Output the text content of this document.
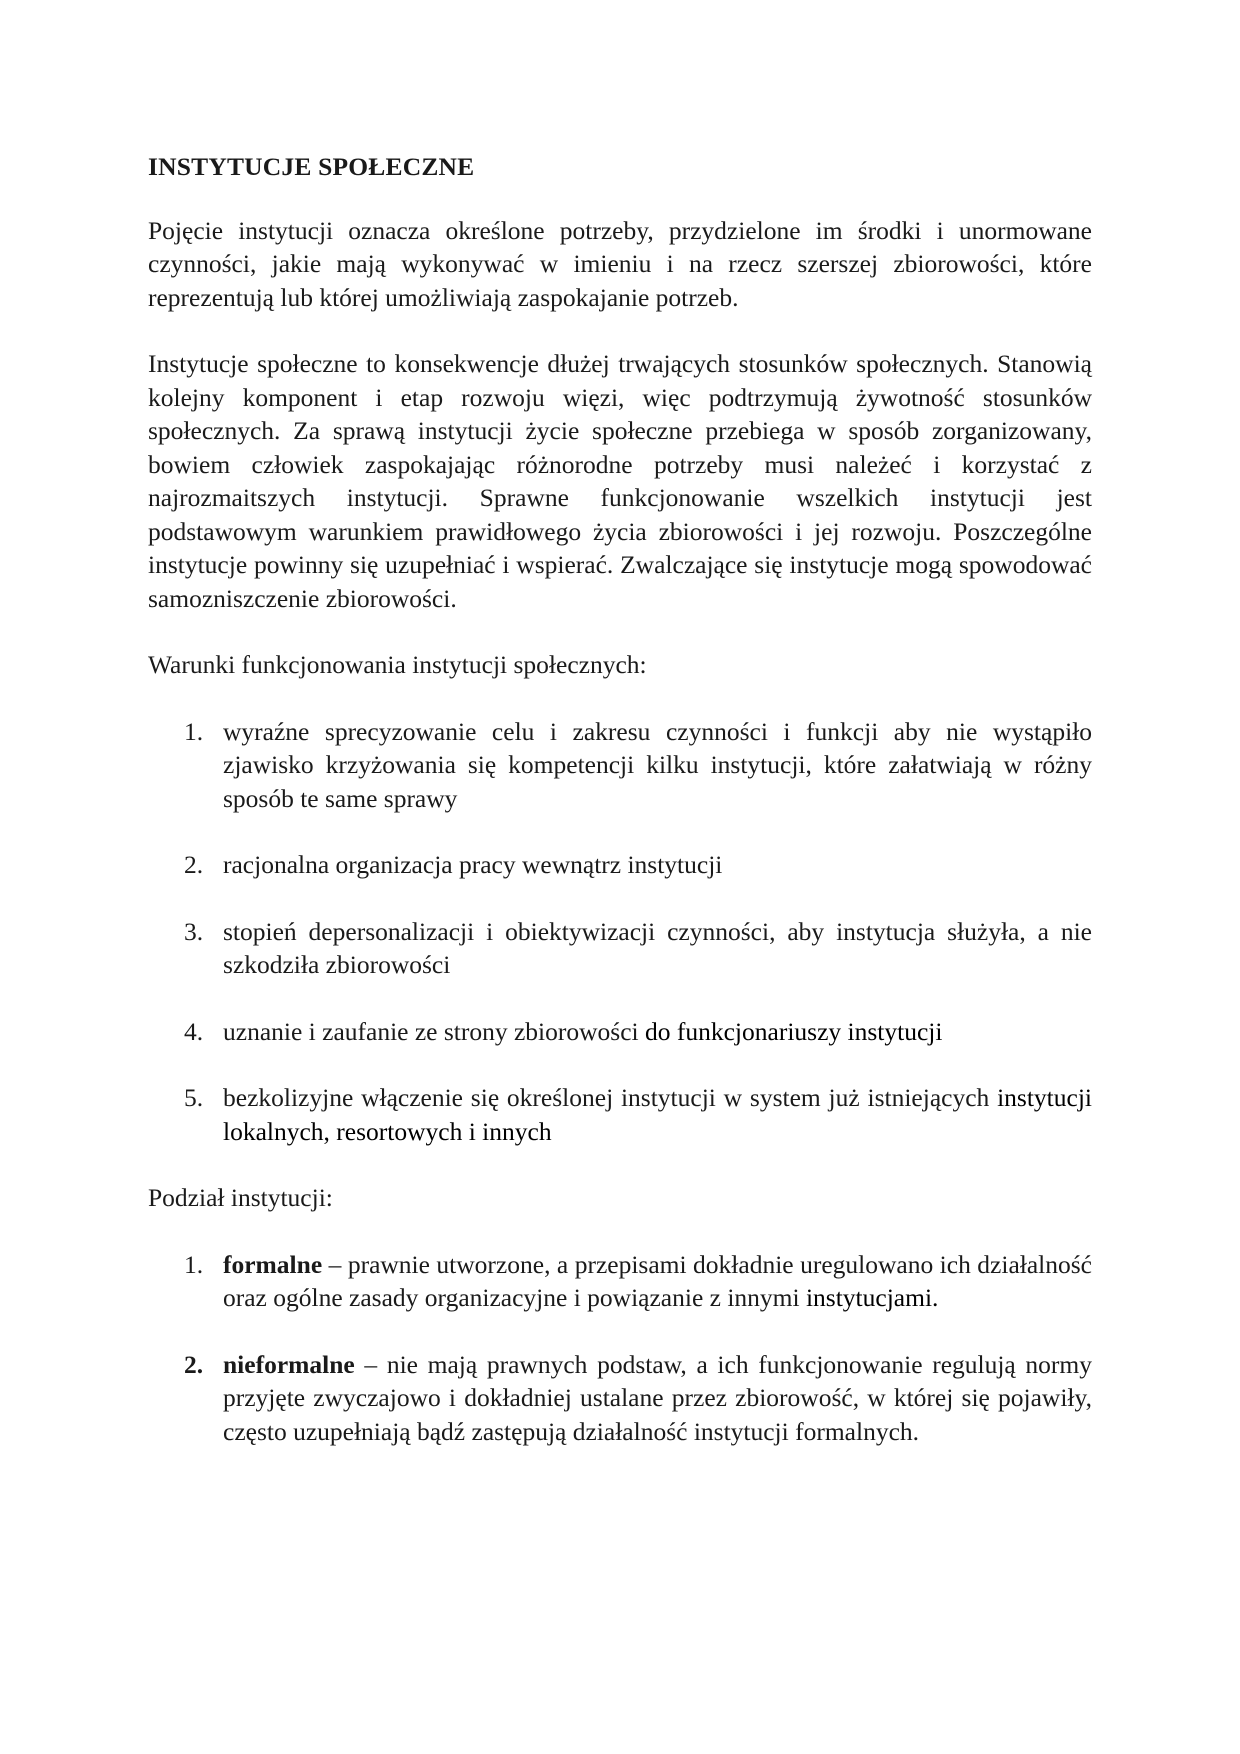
INSTYTUCJE SPOŁECZNE

Pojęcie instytucji oznacza określone potrzeby, przydzielone im środki i unormowane czynności, jakie mają wykonywać w imieniu i na rzecz szerszej zbiorowości, które reprezentują lub której umożliwiają zaspokajanie potrzeb.

Instytucje społeczne to konsekwencje dłużej trwających stosunków społecznych. Stanowią kolejny komponent i etap rozwoju więzi, więc podtrzymują żywotność stosunków społecznych. Za sprawą instytucji życie społeczne przebiega w sposób zorganizowany, bowiem człowiek zaspokajając różnorodne potrzeby musi należeć i korzystać z najrozmaitszych instytucji. Sprawne funkcjonowanie wszelkich instytucji jest podstawowym warunkiem prawidłowego życia zbiorowości i jej rozwoju. Poszczególne instytucje powinny się uzupełniać i wspierać. Zwalczające się instytucje mogą spowodować samozniszczenie zbiorowości.

Warunki funkcjonowania instytucji społecznych:

1. wyraźne sprecyzowanie celu i zakresu czynności i funkcji aby nie wystąpiło zjawisko krzyżowania się kompetencji kilku instytucji, które załatwiają w różny sposób te same sprawy
2. racjonalna organizacja pracy wewnątrz instytucji
3. stopień depersonalizacji i obiektywizacji czynności, aby instytucja służyła, a nie szkodziła zbiorowości
4. uznanie i zaufanie ze strony zbiorowości do funkcjonariuszy instytucji
5. bezkolizyjne włączenie się określonej instytucji w system już istniejących instytucji lokalnych, resortowych i innych

Podział instytucji:

1. formalne – prawnie utworzone, a przepisami dokładnie uregulowano ich działalność oraz ogólne zasady organizacyjne i powiązanie z innymi instytucjami.
2. nieformalne – nie mają prawnych podstaw, a ich funkcjonowanie regulują normy przyjęte zwyczajowo i dokładniej ustalane przez zbiorowość, w której się pojawiły, często uzupełniają bądź zastępują działalność instytucji formalnych.
